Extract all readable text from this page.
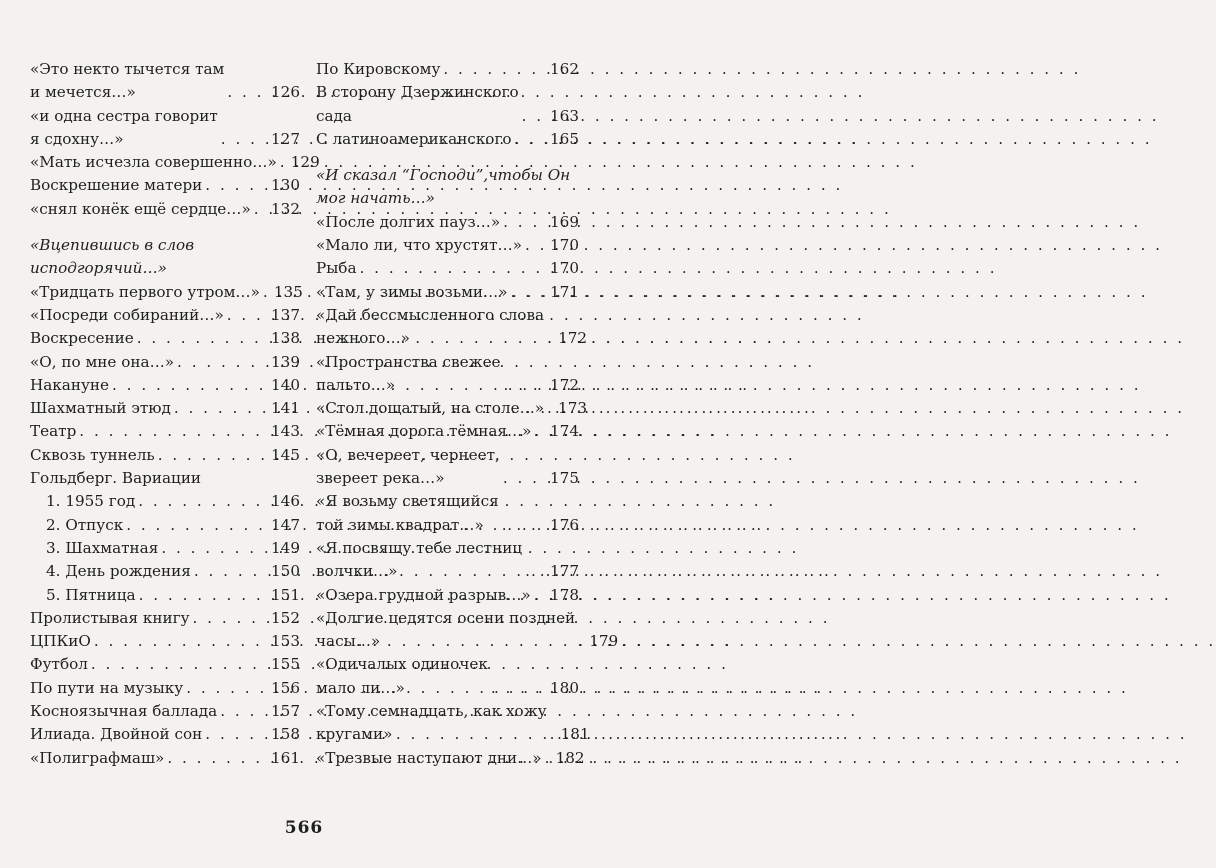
«Это некто тычется там
и мечется…» . . .	126
«и одна сестра говорит
я сдохну…» . . .	127
«Мать исчезла совершенно…» . . . 129
Воскрешение матери . . .	130
«снял конёк ещё сердце…» . . . 132
«Вцепившись в слов исподгорячий…»
«Тридцать первого утром…» . . . 135
«Посреди собираний…» . . .	137
Воскресение . . .	138
«О, по мне она…» . . .	139
Накануне . . .	140
Шахматный этюд . . .	141
Театр . . .	143
Сквозь туннель . . .	145
Гольдберг. Вариации
1. 1955 год . . .	146
2. Отпуск . . .	147
3. Шахматная . . .	149
4. День рождения . . .	150
5. Пятница . . .	151
Пролистывая книгу . . .	152
ЦПКиО . . .	153
Футбол . . .	155
По пути на музыку . . .	156
Косноязычная баллада . . .	157
Илиада. Двойной сон . . .	158
«Полиграфмаш» . . .	161
По Кировскому . . .	162
В сторону Дзержинского
сада . . .	163
С латиноамериканского . . .	165
«И сказал “Господи”,чтобы Он мог начать…»
«После долгих пауз…» . . .	169
«Мало ли, что хрустят…» . . . 170
Рыба . . .	170
«Там, у зимы возьми…» . . .	171
«Дай бессмысленного слова
нежного…» . . .	172
«Пространства свежее
пальто…» . . .	172
«Стол дощатый, на столе…» . . . 173
«Тёмная дорога тёмная…» . . . 174
«О, вечереет, чернеет,
звереет река…» . . .	175
«Я возьму светящийся
той зимы квадрат…» . . .	176
«Я посвящу тебе лестниц
волчки…» . . .	177
«Озера грудной разрыв…» . . . 178
«Долгие цедятся осени поздней
часы…» . . .	179
«Одичалых одиночек
мало ли…» . . .	180
«Тому семнадцать, как хожу
кругами» . . .	181
«Трезвые наступают дни…» . . . 182
566
